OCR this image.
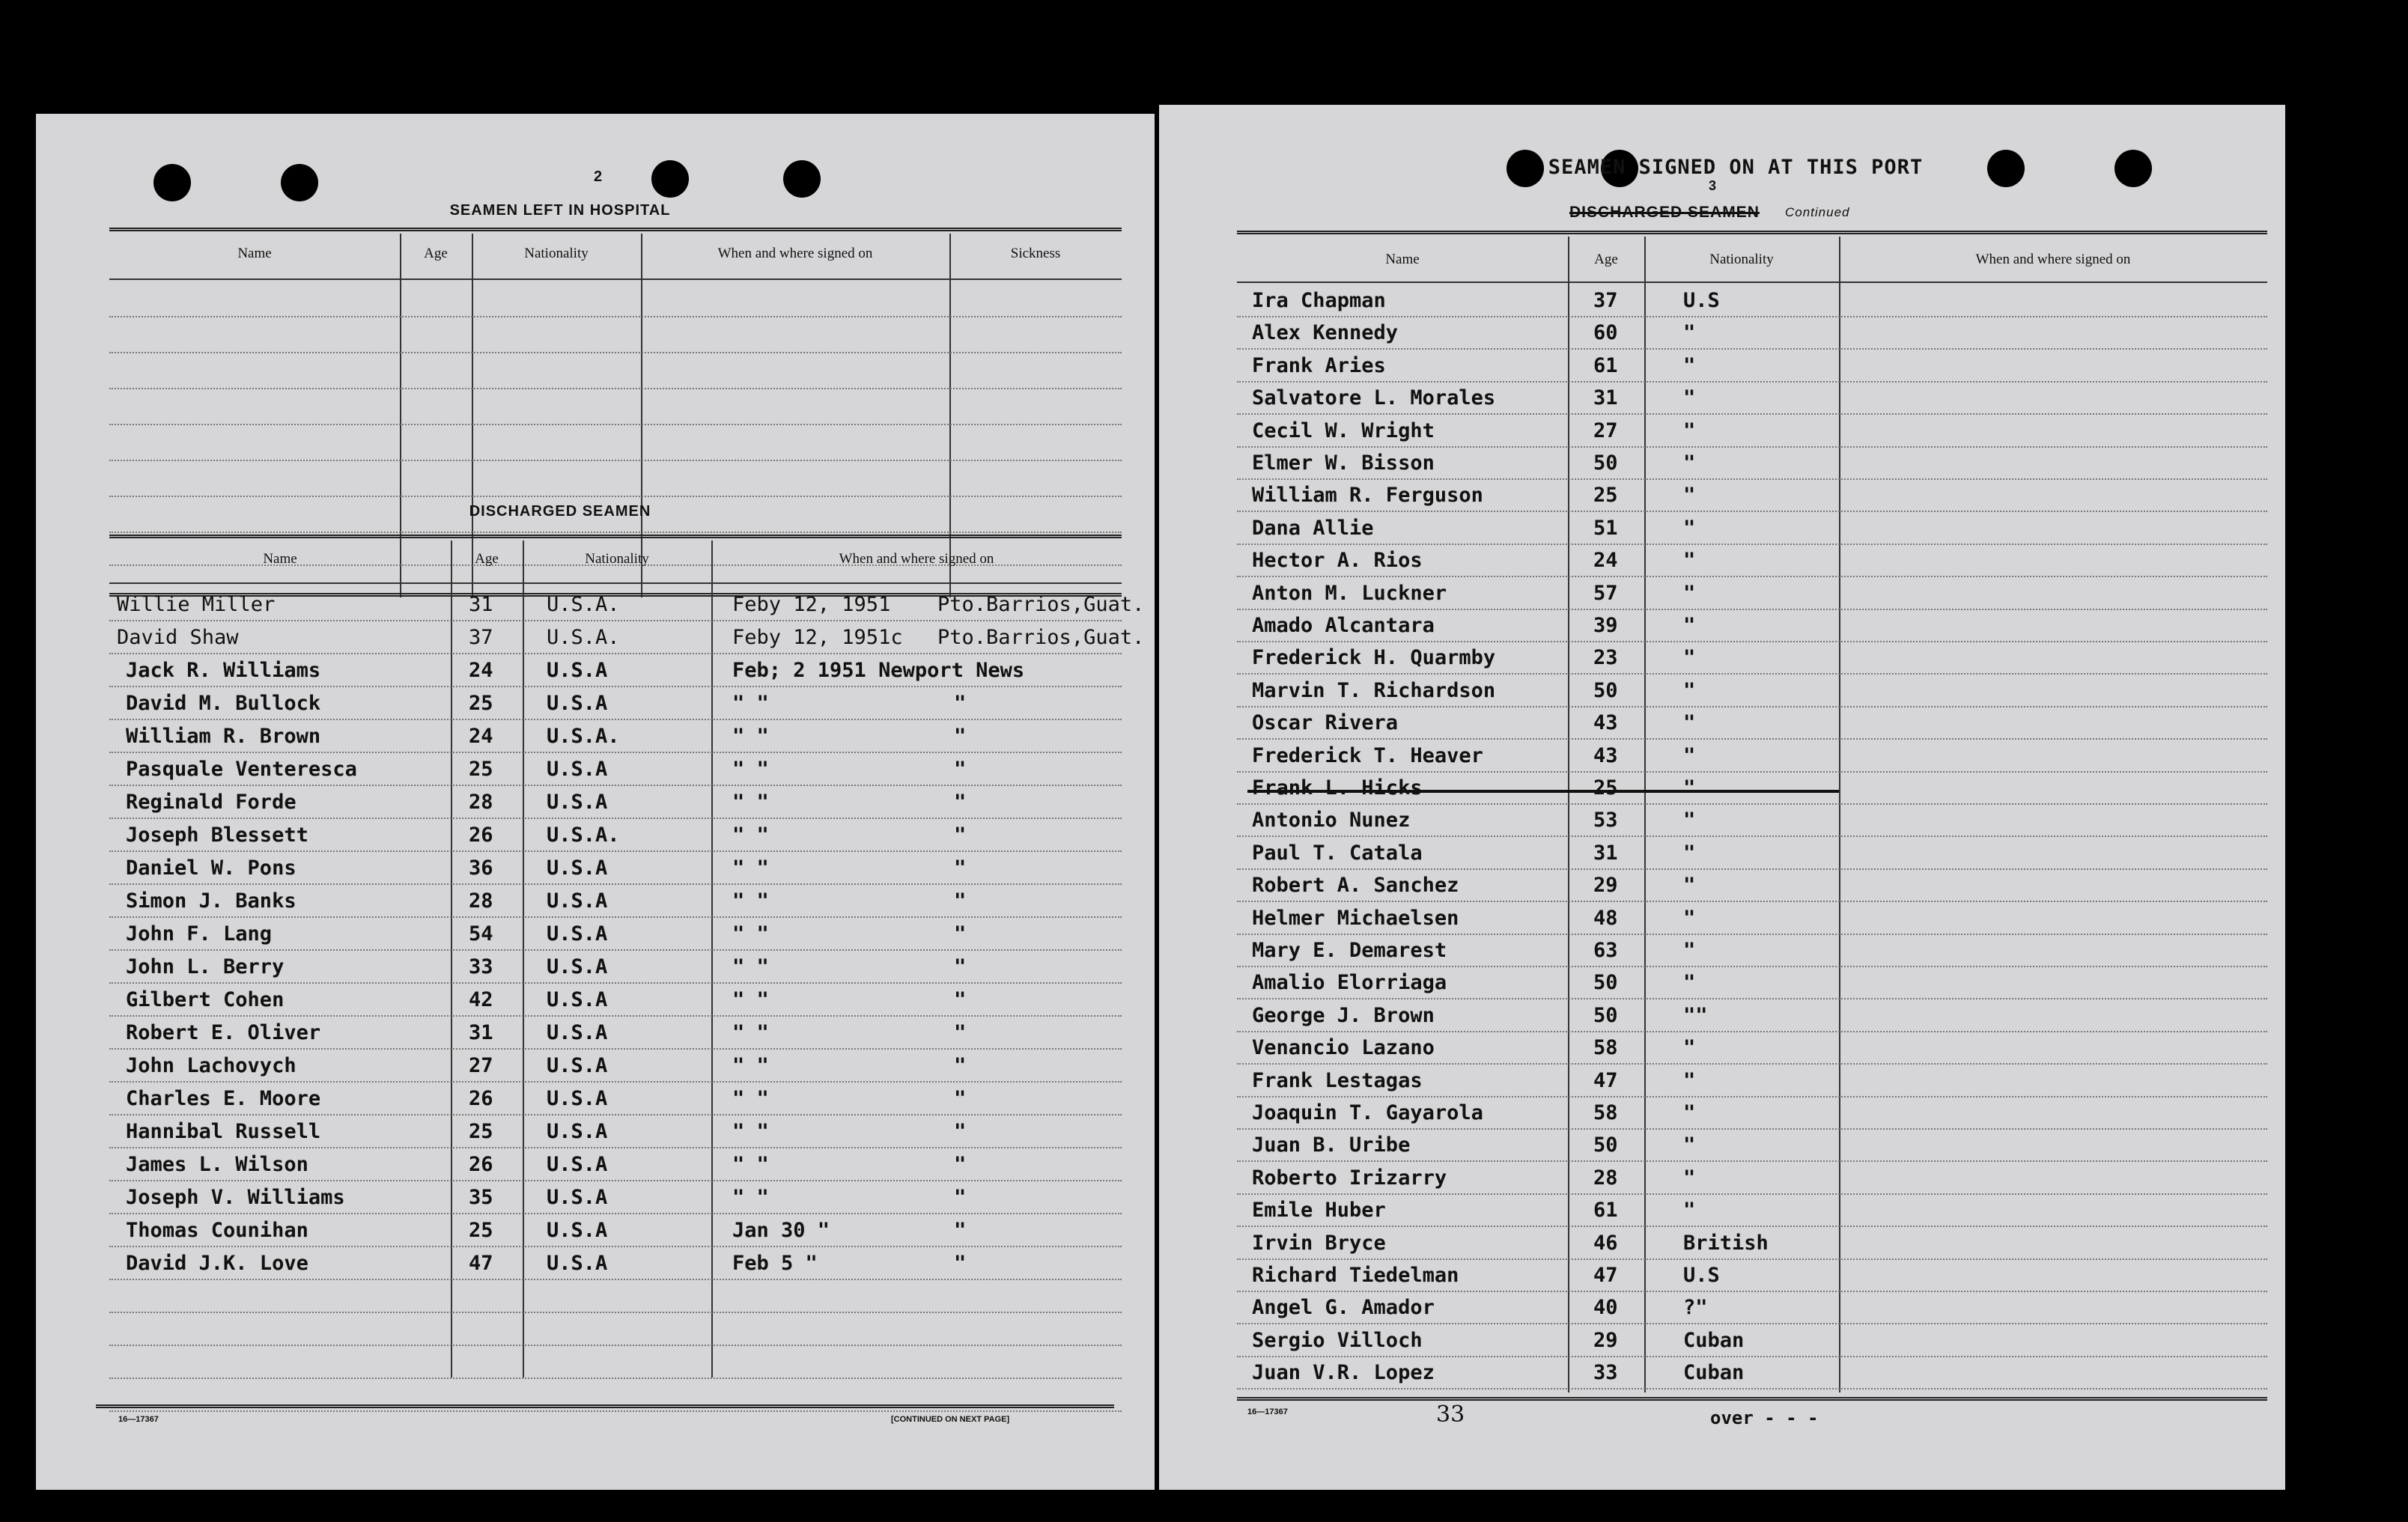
2
SEAMEN LEFT IN HOSPITAL
Name	Age	Nationality	When and where signed on	Sickness
DISCHARGED SEAMEN
Name	Age	Nationality	When and where signed on
16—17367	[CONTINUED ON NEXT PAGE]
Willie Miller	31	U.S.A.	Feby 12, 1951 Pto.Barrios,Guat.
David Shaw	37	U.S.A.	Feby 12, 1951c Pto.Barrios,Guat.
Jack R. Williams	24	U.S.A	Feb; 2 1951 Newport News
David M. Bullock	25	U.S.A	" "	"
William R. Brown	24	U.S.A.	" "	"
Pasquale Venteresca	25	U.S.A	" "	"
Reginald Forde	28	U.S.A	" "	"
Joseph Blessett	26	U.S.A.	" "	"
Daniel W. Pons	36	U.S.A	" "	"
Simon J. Banks	28	U.S.A	" "	"
John F. Lang	54	U.S.A	" "	"
John L. Berry	33	U.S.A	" "	"
Gilbert Cohen	42	U.S.A	" "	"
Robert E. Oliver	31	U.S.A	" "	"
John Lachovych	27	U.S.A	" "	"
Charles E. Moore	26	U.S.A	" "	"
Hannibal Russell	25	U.S.A	" "	"
James L. Wilson	26	U.S.A	" "	"
Joseph V. Williams	35	U.S.A	" "	"
Thomas Counihan	25	U.S.A	Jan 30 "	"
David J.K. Love	47	U.S.A	Feb 5 "	"
3
SEAMEN SIGNED ON AT THIS PORT
DISCHARGED SEAMEN Continued
Name	Age	Nationality	When and where signed on
16—17367	33	over - - -
Ira Chapman	37	U.S
Alex Kennedy	60	"
Frank Aries	61	"
Salvatore L. Morales	31	"
Cecil W. Wright	27	"
Elmer W. Bisson	50	"
William R. Ferguson	25	"
Dana Allie	51	"
Hector A. Rios	24	"
Anton M. Luckner	57	"
Amado Alcantara	39	"
Frederick H. Quarmby	23	"
Marvin T. Richardson	50	"
Oscar Rivera	43	"
Frederick T. Heaver	43	"
Frank L. Hicks	25	"
Antonio Nunez	53	"
Paul T. Catala	31	"
Robert A. Sanchez	29	"
Helmer Michaelsen	48	"
Mary E. Demarest	63	"
Amalio Elorriaga	50	"
George J. Brown	50	""
Venancio Lazano	58	"
Frank Lestagas	47	"
Joaquin T. Gayarola	58	"
Juan B. Uribe	50	"
Roberto Irizarry	28	"
Emile Huber	61	"
Irvin Bryce	46	British
Richard Tiedelman	47	U.S
Angel G. Amador	40	?"
Sergio Villoch	29	Cuban
Juan V.R. Lopez	33	Cuban
